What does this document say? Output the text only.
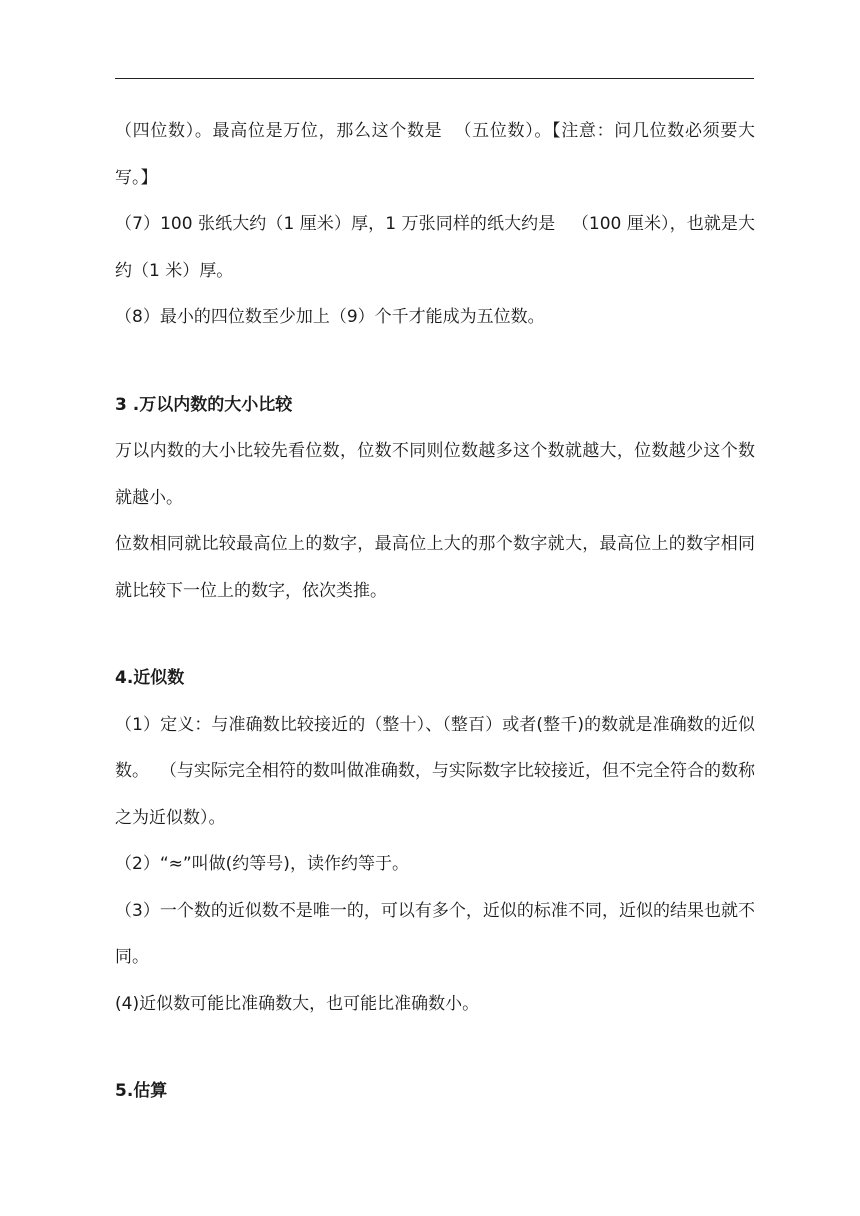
（四位数）。最高位是万位，那么这个数是  （五位数）。【注意：问几位数必须要大写。】

（7）100 张纸大约（1 厘米）厚，1 万张同样的纸大约是   （100 厘米），也就是大约（1 米）厚。

（8）最小的四位数至少加上（9）个千才能成为五位数。

3 .万以内数的大小比较

万以内数的大小比较先看位数，位数不同则位数越多这个数就越大，位数越少这个数就越小。

位数相同就比较最高位上的数字，最高位上大的那个数字就大，最高位上的数字相同就比较下一位上的数字，依次类推。

4.近似数

（1）定义：与准确数比较接近的（整十）、（整百）或者(整千)的数就是准确数的近似数。  （与实际完全相符的数叫做准确数，与实际数字比较接近，但不完全符合的数称之为近似数）。

（2）“≈”叫做(约等号)，读作约等于。

（3）一个数的近似数不是唯一的，可以有多个，近似的标准不同，近似的结果也就不同。

(4)近似数可能比准确数大，也可能比准确数小。

5.估算
